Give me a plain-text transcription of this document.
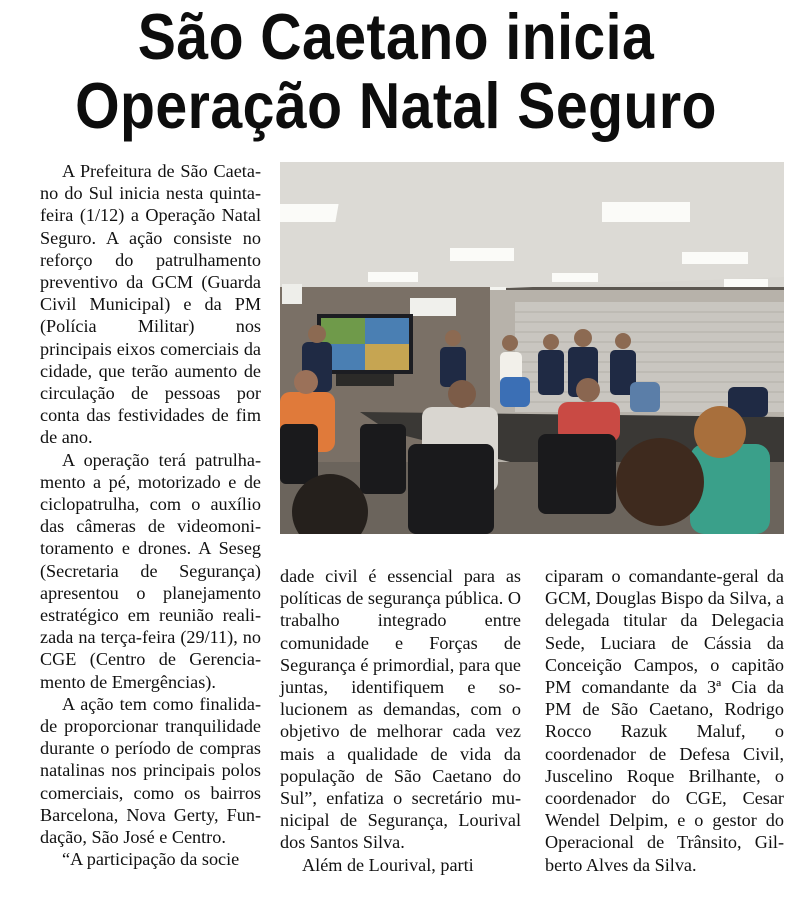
São Caetano inicia
Operação Natal Seguro

A Prefeitura de São Caetano do Sul inicia nesta quinta-feira (1/12) a Operação Natal Seguro. A ação consiste no reforço do patrulhamento preventivo da GCM (Guarda Civil Municipal) e da PM (Polícia Militar) nos principais eixos comerciais da cidade, que terão aumento de circulação de pessoas por conta das festividades de fim de ano.

A operação terá patrulhamento a pé, motorizado e de ciclopatrulha, com o auxílio das câmeras de videomonitoramento e drones. A Seseg (Secretaria de Segurança) apresentou o planejamento estratégico em reunião realizada na terça-feira (29/11), no CGE (Centro de Gerenciamento de Emergências).

A ação tem como finalidade proporcionar tranquilidade durante o período de compras natalinas nos principais polos comerciais, como os bairros Barcelona, Nova Gerty, Fundação, São José e Centro.

“A participação da socie

dade civil é essencial para as políticas de segurança pública. O trabalho integrado entre comunidade e Forças de Segurança é primordial, para que juntas, identifiquem e solucionem as demandas, com o objetivo de melhorar cada vez mais a qualidade de vida da população de São Caetano do Sul”, enfatiza o secretário municipal de Segurança, Lourival dos Santos Silva.

Além de Lourival, parti

ciparam o comandante-geral da GCM, Douglas Bispo da Silva, a delegada titular da Delegacia Sede, Luciara de Cássia da Conceição Campos, o capitão PM comandante da 3ª Cia da PM de São Caetano, Rodrigo Rocco Razuk Maluf, o coordenador de Defesa Civil, Juscelino Roque Brilhante, o coordenador do CGE, Cesar Wendel Delpim, e o gestor do Operacional de Trânsito, Gilberto Alves da Silva.
